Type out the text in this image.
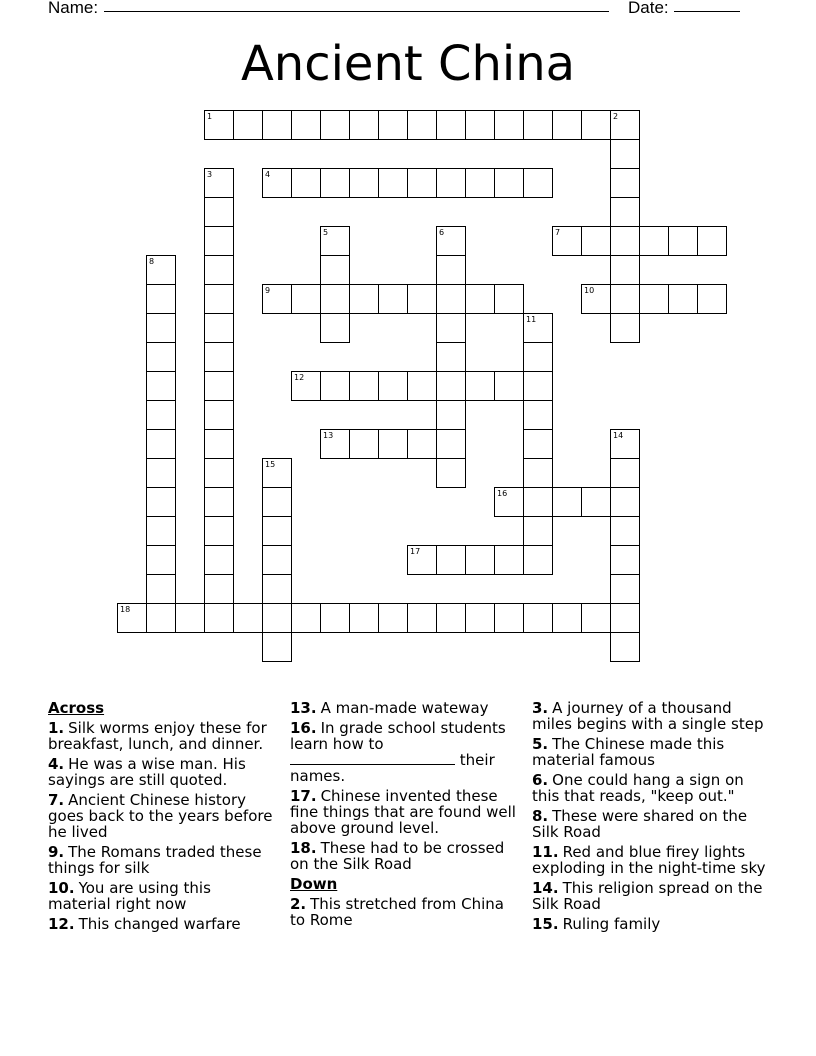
Name:	Date:
Ancient China
1	2
3	4
5	6	7
8
9	10
11
12
13	14
15
16
17
18
Across
1. Silk worms enjoy these for breakfast, lunch, and dinner.
4. He was a wise man. His sayings are still quoted.
7. Ancient Chinese history goes back to the years before he lived
9. The Romans traded these things for silk
10. You are using this material right now
12. This changed warfare
13. A man-made wateway
16. In grade school students learn how to  their names.
17. Chinese invented these fine things that are found well above ground level.
18. These had to be crossed on the Silk Road
Down
2. This stretched from China to Rome
3. A journey of a thousand miles begins with a single step
5. The Chinese made this material famous
6. One could hang a sign on this that reads, "keep out."
8. These were shared on the Silk Road
11. Red and blue firey lights exploding in the night-time sky
14. This religion spread on the Silk Road
15. Ruling family
